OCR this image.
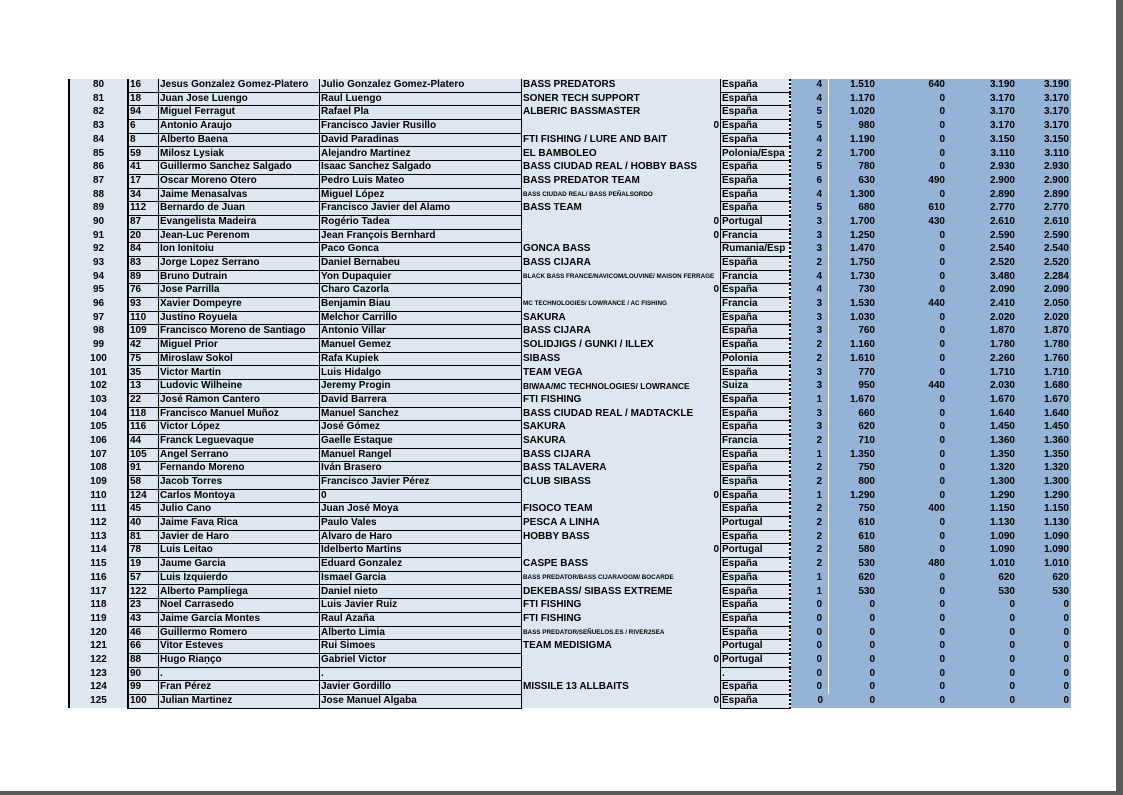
80	16	Jesus Gonzalez Gomez-Platero	Julio Gonzalez Gomez-Platero	BASS PREDATORS	España	4	1.510	640	3.190	3.190
81	18	Juan Jose Luengo	Raul Luengo	SONER TECH SUPPORT	España	4	1.170	0	3.170	3.170
82	94	Miguel Ferragut	Rafael Pla	ALBERIC BASSMASTER	España	5	1.020	0	3.170	3.170
83	6	Antonio Araujo	Francisco Javier Rusillo	0	España	5	980	0	3.170	3.170
84	8	Alberto Baena	David Paradinas	FTI FISHING / LURE AND BAIT	España	4	1.190	0	3.150	3.150
85	59	Milosz Lysiak	Alejandro Martinez	EL BAMBOLEO	Polonia/Espa	2	1.700	0	3.110	3.110
86	41	Guillermo Sanchez Salgado	Isaac Sanchez Salgado	BASS CIUDAD REAL / HOBBY BASS	España	5	780	0	2.930	2.930
87	17	Oscar Moreno Otero	Pedro Luis Mateo	BASS PREDATOR TEAM	España	6	630	490	2.900	2.900
88	34	Jaime Menasalvas	Miguel López	BASS CIUDAD REAL/ BASS PEÑALSORDO	España	4	1.300	0	2.890	2.890
89	112	Bernardo de Juan	Francisco Javier del Alamo	BASS TEAM	España	5	680	610	2.770	2.770
90	87	Evangelista Madeira	Rogério Tadea	0	Portugal	3	1.700	430	2.610	2.610
91	20	Jean-Luc Perenom	Jean François Bernhard	0	Francia	3	1.250	0	2.590	2.590
92	84	Ion Ionitoiu	Paco Gonca	GONCA BASS	Rumania/Esp	3	1.470	0	2.540	2.540
93	83	Jorge Lopez Serrano	Daniel Bernabeu	BASS CIJARA	España	2	1.750	0	2.520	2.520
94	89	Bruno Dutrain	Yon Dupaquier	BLACK BASS FRANCE/NAVICOM/LOUVINE/ MAISON FERRAGE	Francia	4	1.730	0	3.480	2.284
95	76	Jose Parrilla	Charo Cazorla	0	España	4	730	0	2.090	2.090
96	93	Xavier Dompeyre	Benjamin Biau	MC TECHNOLOGIES/ LOWRANCE / AC FISHING	Francia	3	1.530	440	2.410	2.050
97	110	Justino Royuela	Melchor Carrillo	SAKURA	España	3	1.030	0	2.020	2.020
98	109	Francisco Moreno de Santiago	Antonio Villar	BASS CIJARA	España	3	760	0	1.870	1.870
99	42	Miguel Prior	Manuel Gemez	SOLIDJIGS / GUNKI / ILLEX	España	2	1.160	0	1.780	1.780
100	75	Miroslaw Sokol	Rafa Kupiek	SIBASS	Polonia	2	1.610	0	2.260	1.760
101	35	Victor Martin	Luis Hidalgo	TEAM VEGA	España	3	770	0	1.710	1.710
102	13	Ludovic Wilheine	Jeremy Progin	BIWAA/MC TECHNOLOGIES/ LOWRANCE	Suiza	3	950	440	2.030	1.680
103	22	José Ramon Cantero	David Barrera	FTI FISHING	España	1	1.670	0	1.670	1.670
104	118	Francisco Manuel Muñoz	Manuel Sanchez	BASS CIUDAD REAL / MADTACKLE	España	3	660	0	1.640	1.640
105	116	Victor López	José Gómez	SAKURA	España	3	620	0	1.450	1.450
106	44	Franck Leguevaque	Gaelle Estaque	SAKURA	Francia	2	710	0	1.360	1.360
107	105	Angel Serrano	Manuel Rangel	BASS CIJARA	España	1	1.350	0	1.350	1.350
108	91	Fernando Moreno	Iván Brasero	BASS TALAVERA	España	2	750	0	1.320	1.320
109	58	Jacob Torres	Francisco Javier Pérez	CLUB SIBASS	España	2	800	0	1.300	1.300
110	124	Carlos Montoya	0	0	España	1	1.290	0	1.290	1.290
111	45	Julio Cano	Juan José Moya	FISOCO TEAM	España	2	750	400	1.150	1.150
112	40	Jaime Fava Rica	Paulo Vales	PESCA A LINHA	Portugal	2	610	0	1.130	1.130
113	81	Javier de Haro	Alvaro de Haro	HOBBY BASS	España	2	610	0	1.090	1.090
114	78	Luis Leitao	Idelberto Martins	0	Portugal	2	580	0	1.090	1.090
115	19	Jaume Garcia	Eduard Gonzalez	CASPE BASS	España	2	530	480	1.010	1.010
116	57	Luis Izquierdo	Ismael Garcia	BASS PREDATOR/BASS CIJARA/OGM/ BOCARDE	España	1	620	0	620	620
117	122	Alberto Pampliega	Daniel nieto	DEKEBASS/ SIBASS EXTREME	España	1	530	0	530	530
118	23	Noel Carrasedo	Luis Javier Ruiz	FTI FISHING	España	0	0	0	0	0
119	43	Jaime García Montes	Raul Azaña	FTI FISHING	España	0	0	0	0	0
120	46	Guillermo Romero	Alberto Limia	BASS PREDATOR/SEÑUELOS.ES / RIVER2SEA	España	0	0	0	0	0
121	66	Vitor Esteves	Rui Simoes	TEAM MEDISIGMA	Portugal	0	0	0	0	0
122	88	Hugo Riaṇço	Gabriel Victor	0	Portugal	0	0	0	0	0
123	90	.	.		.	0	0	0	0	0
124	99	Fran Pérez	Javier Gordillo	MISSILE 13 ALLBAITS	España	0	0	0	0	0
125	100	Julian Martinez	Jose Manuel Algaba	0	España	0	0	0	0	0
